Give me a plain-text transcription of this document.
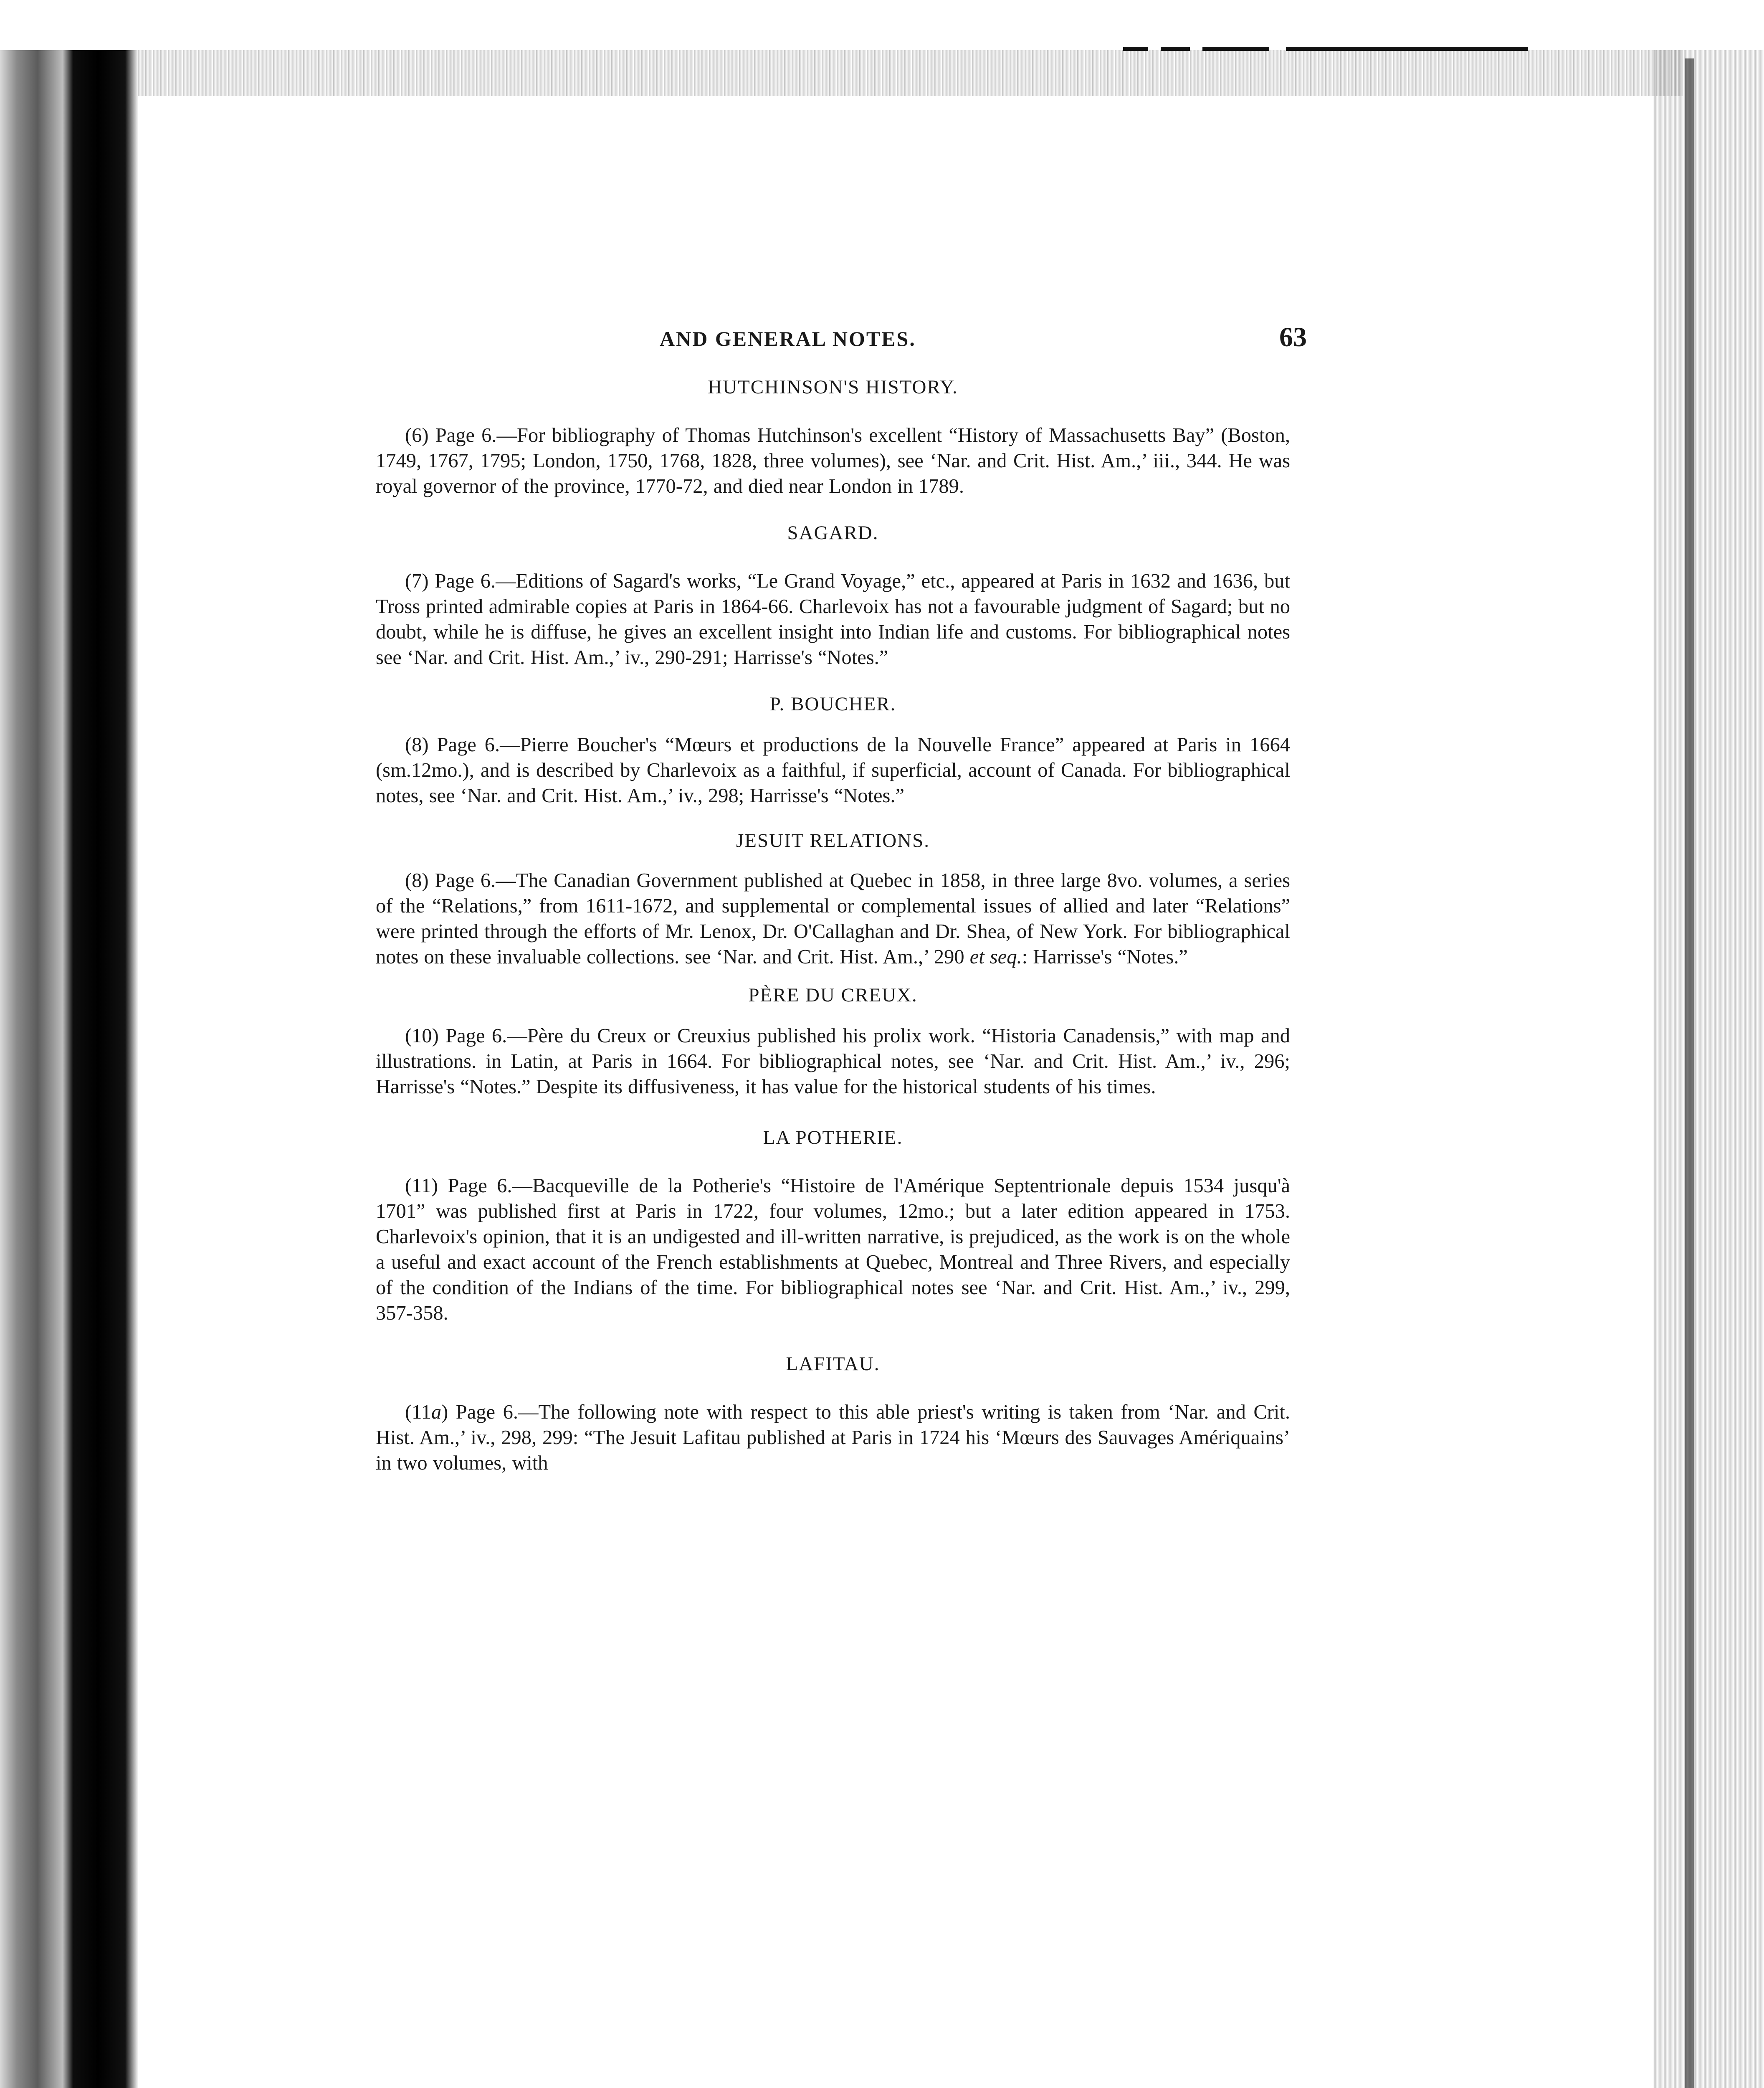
AND GENERAL NOTES.	63
HUTCHINSON'S HISTORY.

(6) Page 6.—For bibliography of Thomas Hutchinson's excellent “History of Massachusetts Bay” (Boston, 1749, 1767, 1795; London, 1750, 1768, 1828, three volumes), see ‘Nar. and Crit. Hist. Am.,’ iii., 344. He was royal governor of the province, 1770-72, and died near London in 1789.

SAGARD.

(7) Page 6.—Editions of Sagard's works, “Le Grand Voyage,” etc., appeared at Paris in 1632 and 1636, but Tross printed admirable copies at Paris in 1864-66. Charlevoix has not a favourable judgment of Sagard; but no doubt, while he is diffuse, he gives an excellent insight into Indian life and customs. For bibliographical notes see ‘Nar. and Crit. Hist. Am.,’ iv., 290-291; Harrisse's “Notes.”

P. BOUCHER.

(8) Page 6.—Pierre Boucher's “Mœurs et productions de la Nouvelle France” appeared at Paris in 1664 (sm.12mo.), and is described by Charlevoix as a faithful, if superficial, account of Canada. For bibliographical notes, see ‘Nar. and Crit. Hist. Am.,’ iv., 298; Harrisse's “Notes.”

JESUIT RELATIONS.

(8) Page 6.—The Canadian Government published at Quebec in 1858, in three large 8vo. volumes, a series of the “Relations,” from 1611-1672, and supplemental or complemental issues of allied and later “Relations” were printed through the efforts of Mr. Lenox, Dr. O'Callaghan and Dr. Shea, of New York. For bibliographical notes on these invaluable collections. see ‘Nar. and Crit. Hist. Am.,’ 290 et seq.: Harrisse's “Notes.”

PÈRE DU CREUX.

(10) Page 6.—Père du Creux or Creuxius published his prolix work. “Historia Canadensis,” with map and illustrations. in Latin, at Paris in 1664. For bibliographical notes, see ‘Nar. and Crit. Hist. Am.,’ iv., 296; Harrisse's “Notes.” Despite its diffusiveness, it has value for the historical students of his times.

LA POTHERIE.

(11) Page 6.—Bacqueville de la Potherie's “Histoire de l'Amérique Septentrionale depuis 1534 jusqu'à 1701” was published first at Paris in 1722, four volumes, 12mo.; but a later edition appeared in 1753. Charlevoix's opinion, that it is an undigested and ill-written narrative, is prejudiced, as the work is on the whole a useful and exact account of the French establishments at Quebec, Montreal and Three Rivers, and especially of the condition of the Indians of the time. For bibliographical notes see ‘Nar. and Crit. Hist. Am.,’ iv., 299, 357-358.

LAFITAU.

(11a) Page 6.—The following note with respect to this able priest's writing is taken from ‘Nar. and Crit. Hist. Am.,’ iv., 298, 299: “The Jesuit Lafitau published at Paris in 1724 his ‘Mœurs des Sauvages Amériquains’ in two volumes, with
